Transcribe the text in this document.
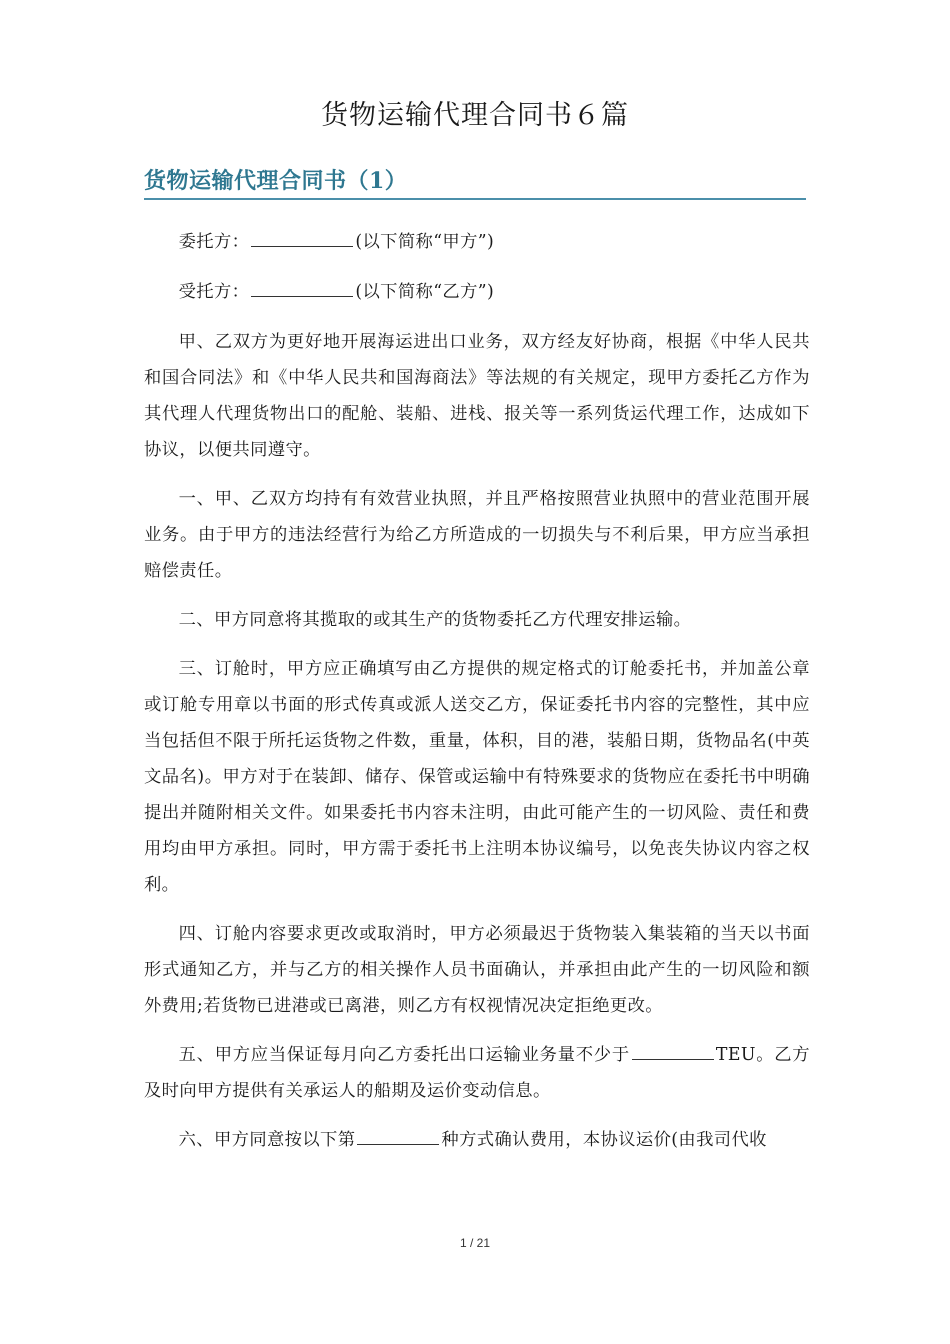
货物运输代理合同书６篇
货物运输代理合同书（1）

委托方：	(以下简称“甲方”)

受托方：	(以下简称“乙方”)

甲、乙双方为更好地开展海运进出口业务，双方经友好协商，根据《中华人民共和国合同法》和《中华人民共和国海商法》等法规的有关规定，现甲方委托乙方作为其代理人代理货物出口的配舱、装船、进栈、报关等一系列货运代理工作，达成如下协议，以便共同遵守。

一、甲、乙双方均持有有效营业执照，并且严格按照营业执照中的营业范围开展业务。由于甲方的违法经营行为给乙方所造成的一切损失与不利后果，甲方应当承担赔偿责任。

二、甲方同意将其揽取的或其生产的货物委托乙方代理安排运输。

三、订舱时，甲方应正确填写由乙方提供的规定格式的订舱委托书，并加盖公章或订舱专用章以书面的形式传真或派人送交乙方，保证委托书内容的完整性，其中应当包括但不限于所托运货物之件数，重量，体积，目的港，装船日期，货物品名(中英文品名)。甲方对于在装卸、储存、保管或运输中有特殊要求的货物应在委托书中明确提出并随附相关文件。如果委托书内容未注明，由此可能产生的一切风险、责任和费用均由甲方承担。同时，甲方需于委托书上注明本协议编号，以免丧失协议内容之权利。

四、订舱内容要求更改或取消时，甲方必须最迟于货物装入集装箱的当天以书面形式通知乙方，并与乙方的相关操作人员书面确认，并承担由此产生的一切风险和额外费用;若货物已进港或已离港，则乙方有权视情况决定拒绝更改。

五、甲方应当保证每月向乙方委托出口运输业务量不少于	TEU。乙方及时向甲方提供有关承运人的船期及运价变动信息。

六、甲方同意按以下第	种方式确认费用，本协议运价(由我司代收

1 / 21
